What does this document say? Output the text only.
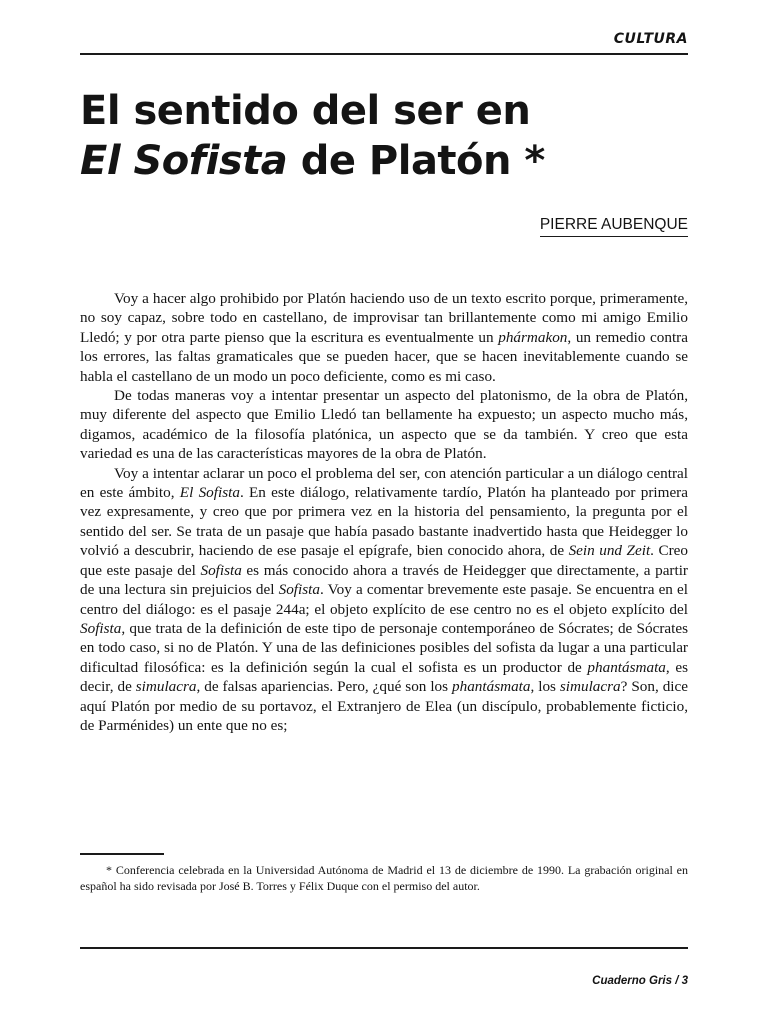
CULTURA
El sentido del ser en
El Sofista de Platón *
PIERRE AUBENQUE

Voy a hacer algo prohibido por Platón haciendo uso de un texto escrito porque, primeramente, no soy capaz, sobre todo en castellano, de improvisar tan brillantemente como mi amigo Emilio Lledó; y por otra parte pienso que la escritura es eventualmente un phármakon, un remedio contra los errores, las faltas gramaticales que se pueden hacer, que se hacen inevitablemente cuando se habla el castellano de un modo un poco deficiente, como es mi caso.

De todas maneras voy a intentar presentar un aspecto del platonismo, de la obra de Platón, muy diferente del aspecto que Emilio Lledó tan bellamente ha expuesto; un aspecto mucho más, digamos, académico de la filosofía platónica, un aspecto que se da también. Y creo que esta variedad es una de las características mayores de la obra de Platón.

Voy a intentar aclarar un poco el problema del ser, con atención particular a un diálogo central en este ámbito, El Sofista. En este diálogo, relativamente tardío, Platón ha planteado por primera vez expresamente, y creo que por primera vez en la historia del pensamiento, la pregunta por el sentido del ser. Se trata de un pasaje que había pasado bastante inadvertido hasta que Heidegger lo volvió a descubrir, haciendo de ese pasaje el epígrafe, bien conocido ahora, de Sein und Zeit. Creo que este pasaje del Sofista es más conocido ahora a través de Heidegger que directamente, a partir de una lectura sin prejuicios del Sofista. Voy a comentar brevemente este pasaje. Se encuentra en el centro del diálogo: es el pasaje 244a; el objeto explícito de ese centro no es el objeto explícito del Sofista, que trata de la definición de este tipo de personaje contemporáneo de Sócrates; de Sócrates en todo caso, si no de Platón. Y una de las definiciones posibles del sofista da lugar a una particular dificultad filosófica: es la definición según la cual el sofista es un productor de phantásmata, es decir, de simulacra, de falsas apariencias. Pero, ¿qué son los phantásmata, los simulacra? Son, dice aquí Platón por medio de su portavoz, el Extranjero de Elea (un discípulo, probablemente ficticio, de Parménides) un ente que no es;

* Conferencia celebrada en la Universidad Autónoma de Madrid el 13 de diciembre de 1990. La grabación original en español ha sido revisada por José B. Torres y Félix Duque con el permiso del autor.

Cuaderno Gris / 3
